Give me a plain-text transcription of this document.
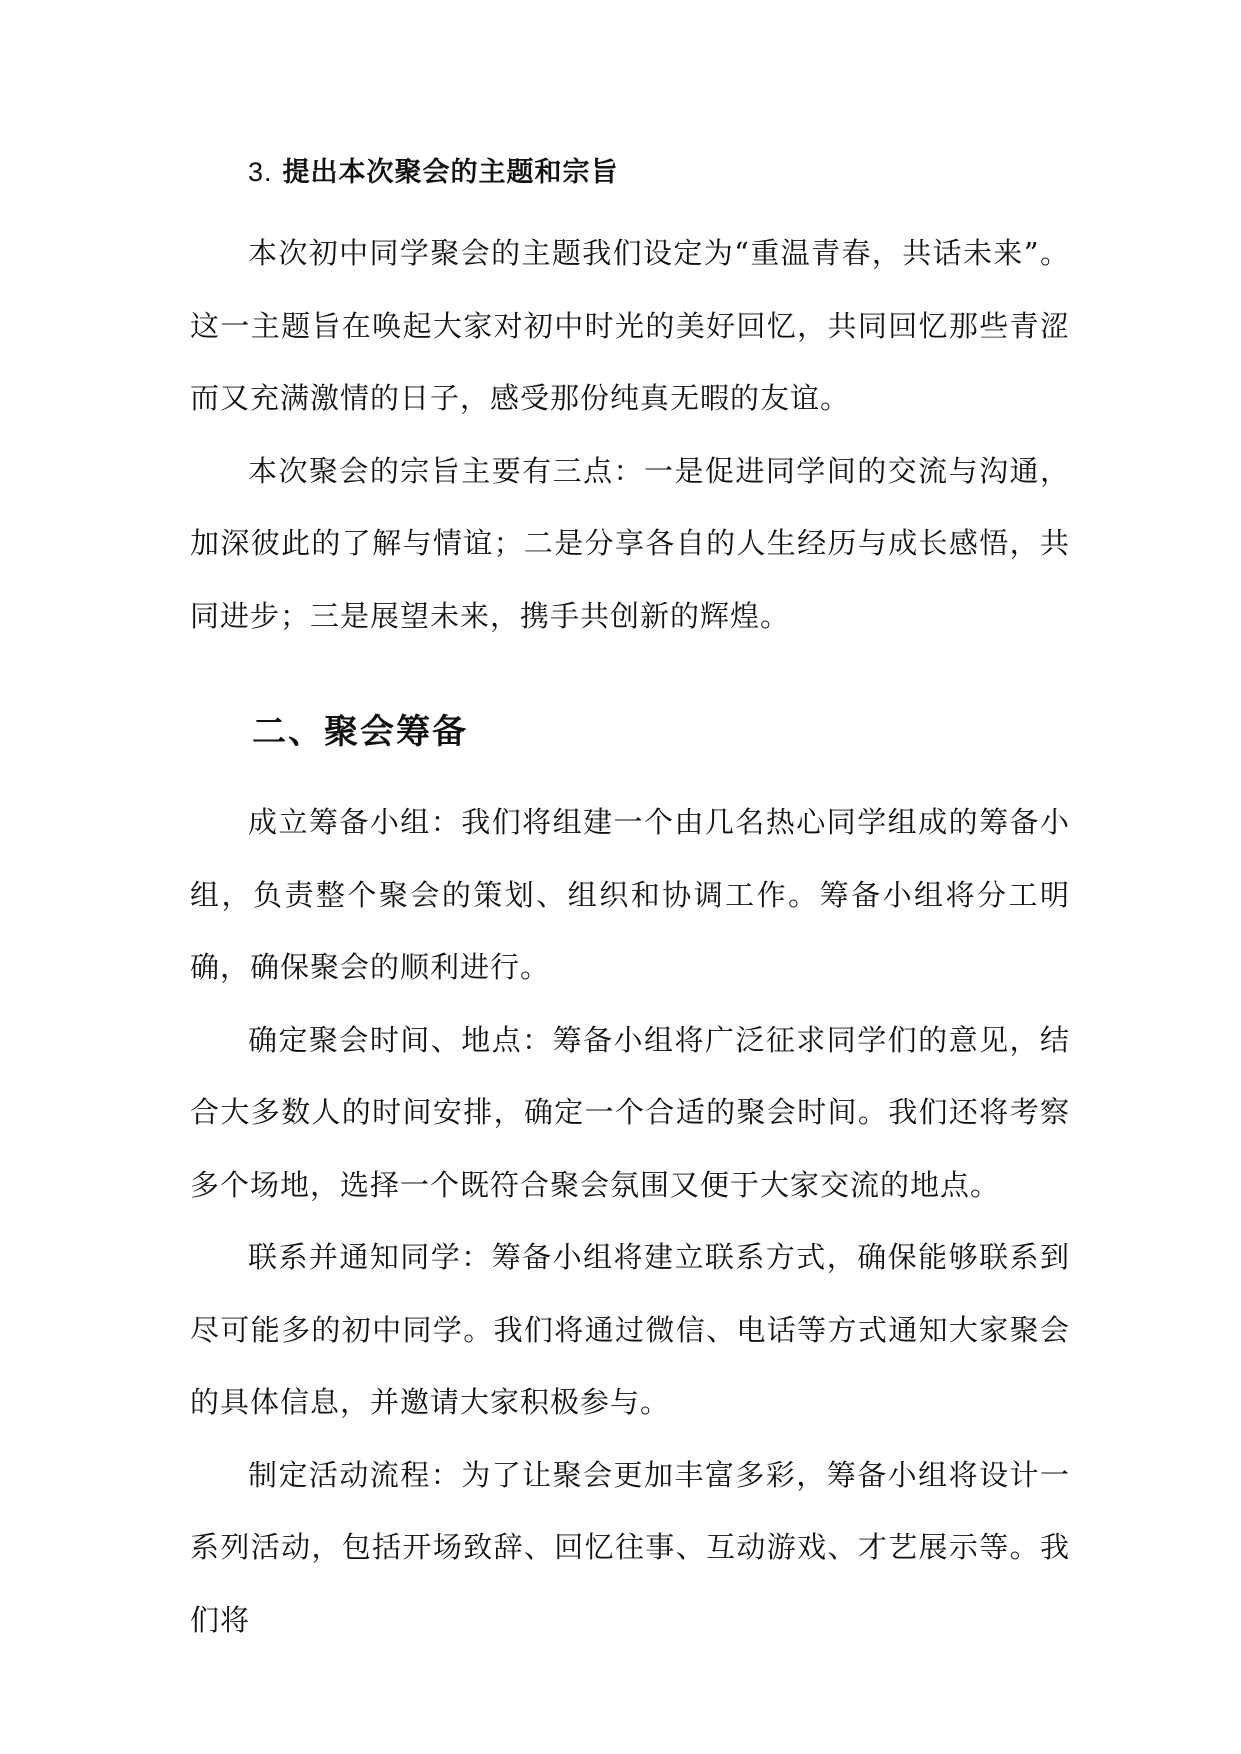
3. 提出本次聚会的主题和宗旨

本次初中同学聚会的主题我们设定为“重温青春，共话未来”。这一主题旨在唤起大家对初中时光的美好回忆，共同回忆那些青涩而又充满激情的日子，感受那份纯真无暇的友谊。

本次聚会的宗旨主要有三点：一是促进同学间的交流与沟通，加深彼此的了解与情谊；二是分享各自的人生经历与成长感悟，共同进步；三是展望未来，携手共创新的辉煌。

二、聚会筹备

成立筹备小组：我们将组建一个由几名热心同学组成的筹备小组，负责整个聚会的策划、组织和协调工作。筹备小组将分工明确，确保聚会的顺利进行。

确定聚会时间、地点：筹备小组将广泛征求同学们的意见，结合大多数人的时间安排，确定一个合适的聚会时间。我们还将考察多个场地，选择一个既符合聚会氛围又便于大家交流的地点。

联系并通知同学：筹备小组将建立联系方式，确保能够联系到尽可能多的初中同学。我们将通过微信、电话等方式通知大家聚会的具体信息，并邀请大家积极参与。

制定活动流程：为了让聚会更加丰富多彩，筹备小组将设计一系列活动，包括开场致辞、回忆往事、互动游戏、才艺展示等。我们将
